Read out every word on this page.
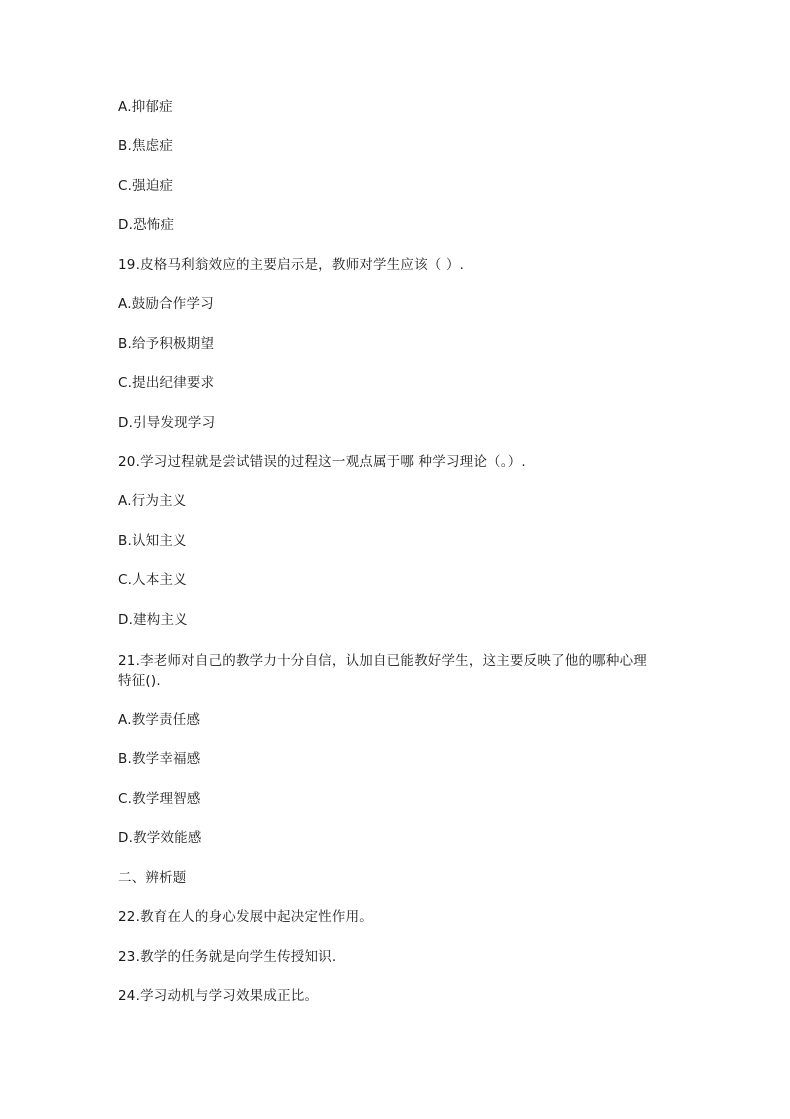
A.抑郁症
B.焦虑症
C.强迫症
D.恐怖症
19.皮格马利翁效应的主要启示是，教师对学生应该（ ）.
A.鼓励合作学习
B.给予积极期望
C.提出纪律要求
D.引导发现学习
20.学习过程就是尝试错误的过程这一观点属于哪 种学习理论（。）.
A.行为主义
B.认知主义
C.人本主义
D.建构主义
21.李老师对自己的教学力十分自信，认加自已能教好学生，这主要反映了他的哪种心理
特征().
A.教学责任感
B.教学幸福感
C.教学理智感
D.教学效能感
二、辨析题
22.教育在人的身心发展中起决定性作用。
23.教学的任务就是向学生传授知识.
24.学习动机与学习效果成正比。
